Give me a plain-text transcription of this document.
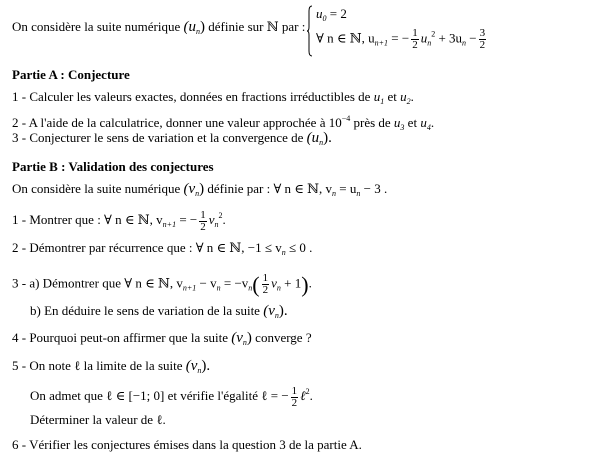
On considère la suite numérique $(u_n)$ définie sur ℕ par :
$u_0 = 2$
∀ n ∈ ℕ, $u_{n+1}$ = − $\frac{1}{2} u_n^2 + 3u_n - \frac{3}{2}$
Partie A : Conjecture
1 - Calculer les valeurs exactes, données en fractions irréductibles de $u_1$ et $u_2$.
2 - A l'aide de la calculatrice, donner une valeur approchée à $10^{-4}$ près de $u_3$ et $u_4$.
3 - Conjecturer le sens de variation et la convergence de $(u_n)$.
Partie B : Validation des conjectures
On considère la suite numérique $(v_n)$ définie par : ∀ n ∈ ℕ, $v_n = u_n - 3$ .
1 - Montrer que : ∀ n ∈ ℕ, $v_{n+1}$ = − $\frac{1}{2} v_n^2$.
2 - Démontrer par récurrence que : ∀ n ∈ ℕ, $-1 \le v_n \le 0$ .
3 - a) Démontrer que ∀ n ∈ ℕ, $v_{n+1} - v_n = -v_n( \frac{1}{2} v_n + 1)$.
b) En déduire le sens de variation de la suite $(v_n)$.
4 - Pourquoi peut-on affirmer que la suite $(v_n)$ converge ?
5 - On note ℓ la limite de la suite $(v_n)$.
On admet que ℓ ∈ [−1; 0] et vérifie l'égalité ℓ = − $\frac{1}{2}$ ℓ$^2$.
Déterminer la valeur de ℓ.
6 - Vérifier les conjectures émises dans la question 3 de la partie A.
